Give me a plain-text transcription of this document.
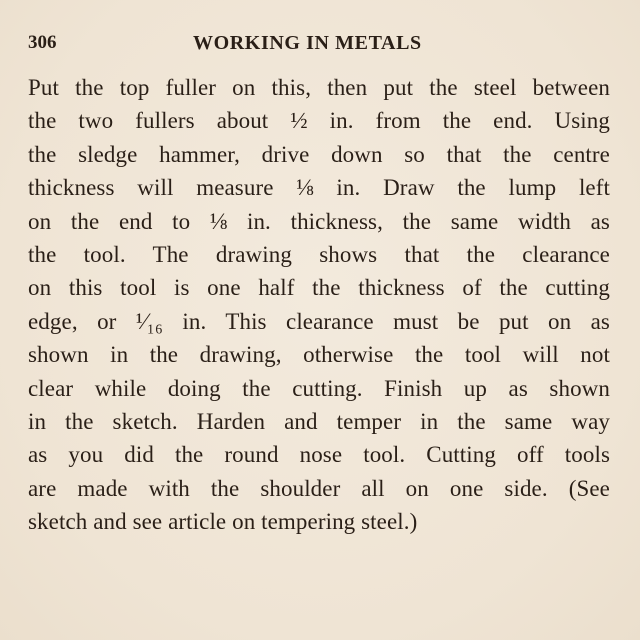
306	WORKING IN METALS
Put the top fuller on this, then put the steel between
the two fullers about ½ in. from the end. Using
the sledge hammer, drive down so that the centre
thickness will measure ⅛ in. Draw the lump left
on the end to ⅛ in. thickness, the same width as
the tool. The drawing shows that the clearance
on this tool is one half the thickness of the cutting
edge, or ¹⁄₁₆ in. This clearance must be put on as
shown in the drawing, otherwise the tool will not
clear while doing the cutting. Finish up as shown
in the sketch. Harden and temper in the same way
as you did the round nose tool. Cutting off tools
are made with the shoulder all on one side. (See
sketch and see article on tempering steel.)
